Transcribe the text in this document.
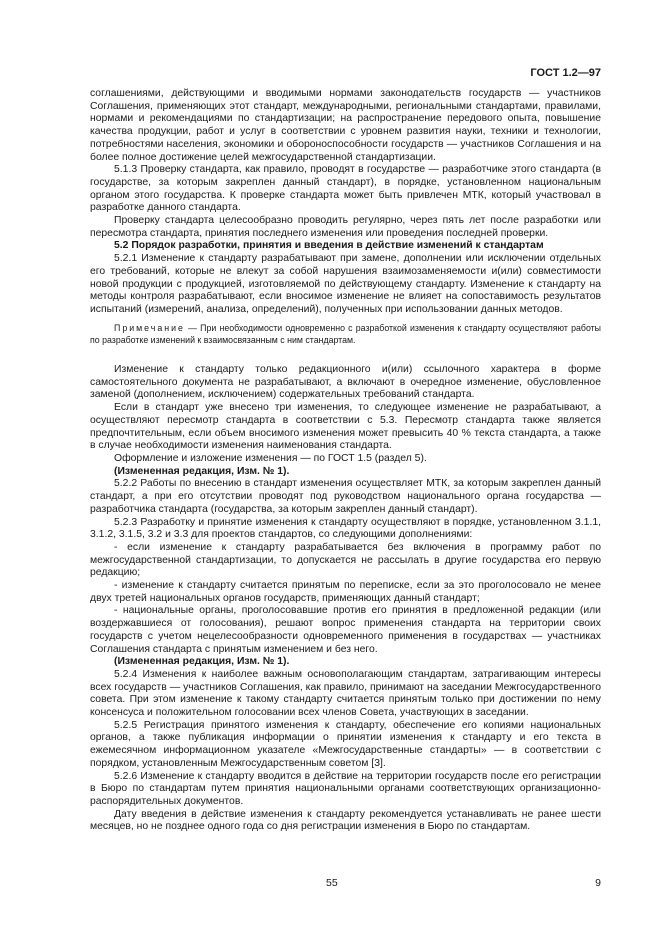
ГОСТ 1.2—97

соглашениями, действующими и вводимыми нормами законодательств государств — участников Соглашения, применяющих этот стандарт, международными, региональными стандартами, правилами, нормами и рекомендациями по стандартизации; на распространение передового опыта, повышение качества продукции, работ и услуг в соответствии с уровнем развития науки, техники и технологии, потребностями населения, экономики и обороноспособности государств — участников Соглашения и на более полное достижение целей межгосударственной стандартизации.

5.1.3 Проверку стандарта, как правило, проводят в государстве — разработчике этого стандарта (в государстве, за которым закреплен данный стандарт), в порядке, установленном национальным органом этого государства. К проверке стандарта может быть привлечен МТК, который участвовал в разработке данного стандарта.

Проверку стандарта целесообразно проводить регулярно, через пять лет после разработки или пересмотра стандарта, принятия последнего изменения или проведения последней проверки.

5.2 Порядок разработки, принятия и введения в действие изменений к стандартам

5.2.1 Изменение к стандарту разрабатывают при замене, дополнении или исключении отдельных его требований, которые не влекут за собой нарушения взаимозаменяемости и(или) совместимости новой продукции с продукцией, изготовляемой по действующему стандарту. Изменение к стандарту на методы контроля разрабатывают, если вносимое изменение не влияет на сопоставимость результатов испытаний (измерений, анализа, определений), полученных при использовании данных методов.

Примечание — При необходимости одновременно с разработкой изменения к стандарту осуществляют работы по разработке изменений к взаимосвязанным с ним стандартам.

Изменение к стандарту только редакционного и(или) ссылочного характера в форме самостоятельного документа не разрабатывают, а включают в очередное изменение, обусловленное заменой (дополнением, исключением) содержательных требований стандарта.

Если в стандарт уже внесено три изменения, то следующее изменение не разрабатывают, а осуществляют пересмотр стандарта в соответствии с 5.3. Пересмотр стандарта также является предпочтительным, если объем вносимого изменения может превысить 40 % текста стандарта, а также в случае необходимости изменения наименования стандарта.

Оформление и изложение изменения — по ГОСТ 1.5 (раздел 5).

(Измененная редакция, Изм. № 1).

5.2.2 Работы по внесению в стандарт изменения осуществляет МТК, за которым закреплен данный стандарт, а при его отсутствии проводят под руководством национального органа государства — разработчика стандарта (государства, за которым закреплен данный стандарт).

5.2.3 Разработку и принятие изменения к стандарту осуществляют в порядке, установленном 3.1.1, 3.1.2, 3.1.5, 3.2 и 3.3 для проектов стандартов, со следующими дополнениями:

- если изменение к стандарту разрабатывается без включения в программу работ по межгосударственной стандартизации, то допускается не рассылать в другие государства его первую редакцию;

- изменение к стандарту считается принятым по переписке, если за это проголосовало не менее двух третей национальных органов государств, применяющих данный стандарт;

- национальные органы, проголосовавшие против его принятия в предложенной редакции (или воздержавшиеся от голосования), решают вопрос применения стандарта на территории своих государств с учетом нецелесообразности одновременного применения в государствах — участниках Соглашения стандарта с принятым изменением и без него.

(Измененная редакция, Изм. № 1).

5.2.4 Изменения к наиболее важным основополагающим стандартам, затрагивающим интересы всех государств — участников Соглашения, как правило, принимают на заседании Межгосударственного совета. При этом изменение к такому стандарту считается принятым только при достижении по нему консенсуса и положительном голосовании всех членов Совета, участвующих в заседании.

5.2.5 Регистрация принятого изменения к стандарту, обеспечение его копиями национальных органов, а также публикация информации о принятии изменения к стандарту и его текста в ежемесячном информационном указателе «Межгосударственные стандарты» — в соответствии с порядком, установленным Межгосударственным советом [3].

5.2.6 Изменение к стандарту вводится в действие на территории государств после его регистрации в Бюро по стандартам путем принятия национальными органами соответствующих организационно-распорядительных документов.

Дату введения в действие изменения к стандарту рекомендуется устанавливать не ранее шести месяцев, но не позднее одного года со дня регистрации изменения в Бюро по стандартам.

55	9
